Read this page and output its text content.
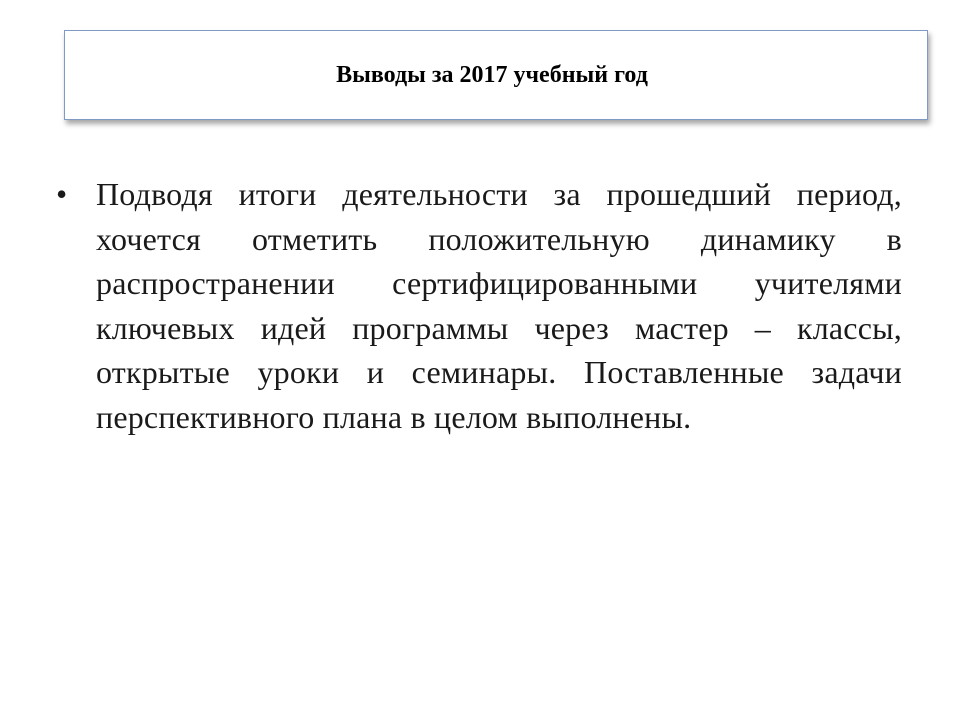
Выводы за 2017 учебный год
• Подводя итоги деятельности за прошедший период, хочется отметить положительную динамику в распространении сертифицированными учителями ключевых идей программы через мастер – классы, открытые уроки и семинары. Поставленные задачи перспективного плана в целом выполнены.
